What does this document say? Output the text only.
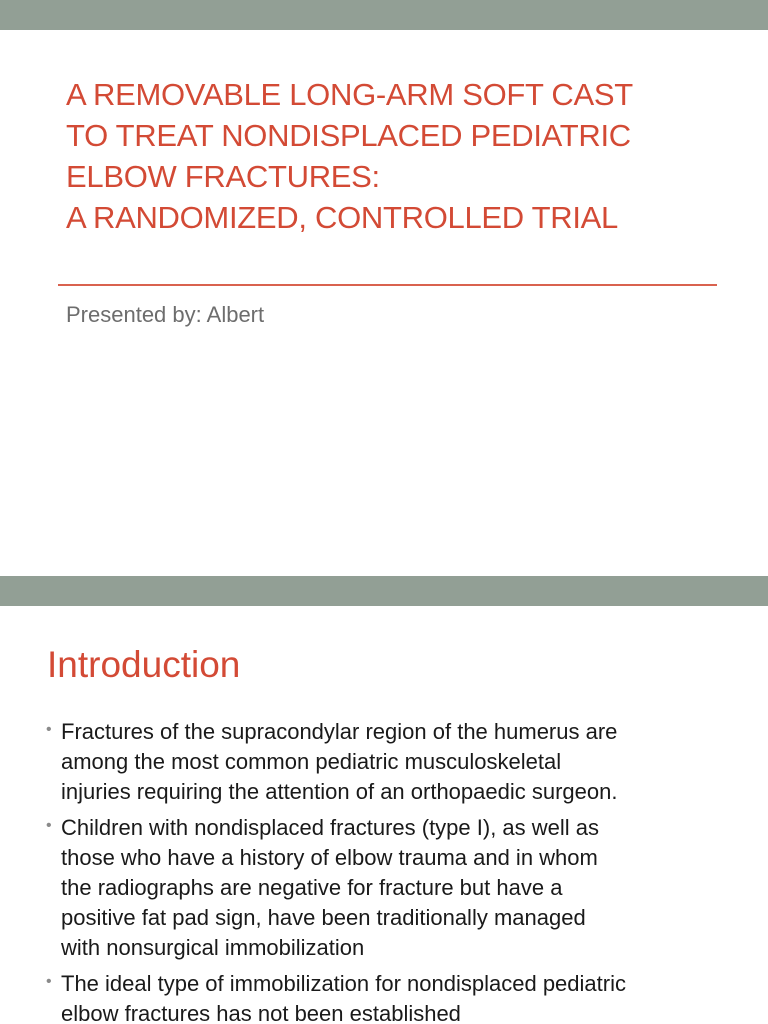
A REMOVABLE LONG-ARM SOFT CAST
TO TREAT NONDISPLACED PEDIATRIC
ELBOW FRACTURES:
A RANDOMIZED, CONTROLLED TRIAL
Presented by: Albert
Introduction
• Fractures of the supracondylar region of the humerus are
among the most common pediatric musculoskeletal
injuries requiring the attention of an orthopaedic surgeon.
• Children with nondisplaced fractures (type I), as well as
those who have a history of elbow trauma and in whom
the radiographs are negative for fracture but have a
positive fat pad sign, have been traditionally managed
with nonsurgical immobilization
• The ideal type of immobilization for nondisplaced pediatric
elbow fractures has not been established
